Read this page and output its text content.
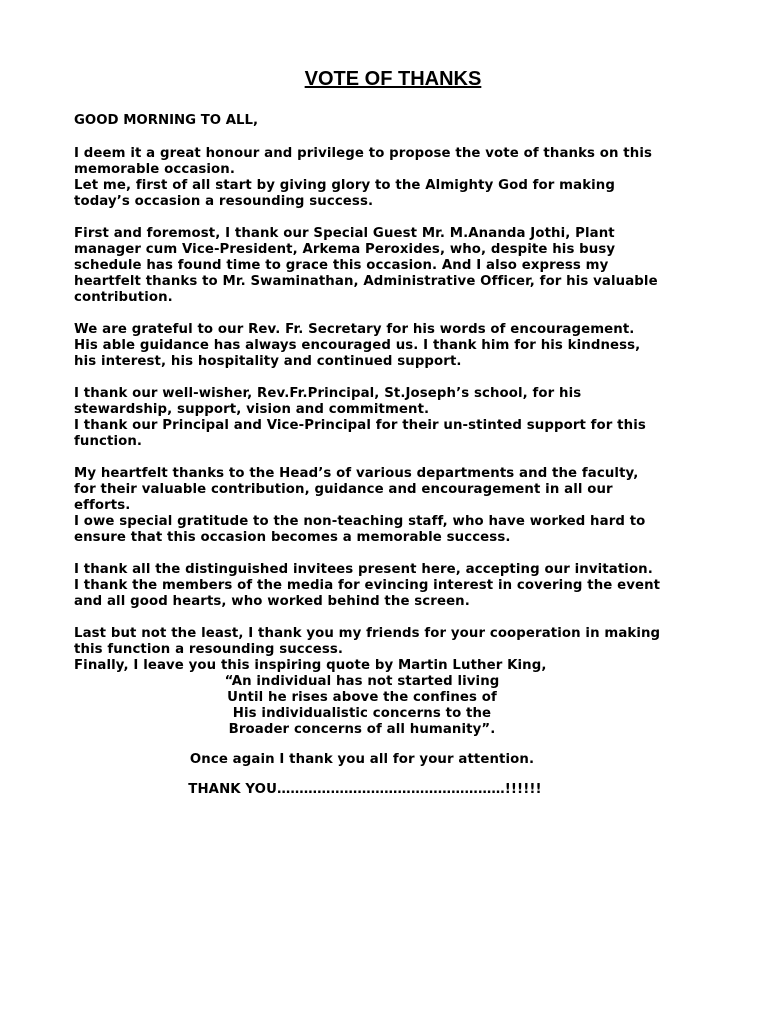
VOTE OF THANKS
GOOD MORNING TO ALL,
I deem it a great honour and privilege to propose the vote of thanks on this
memorable occasion.
Let me, first of all start by giving glory to the Almighty God for making
today’s occasion a resounding success.
First and foremost, I thank our Special Guest Mr. M.Ananda Jothi, Plant
manager cum Vice-President, Arkema Peroxides, who, despite his busy
schedule has found time to grace this occasion. And I also express my
heartfelt thanks to Mr. Swaminathan, Administrative Officer, for his valuable
contribution.
We are grateful to our Rev. Fr. Secretary for his words of encouragement.
His able guidance has always encouraged us. I thank him for his kindness,
his interest, his hospitality and continued support.
I thank our well-wisher, Rev.Fr.Principal, St.Joseph’s school, for his
stewardship, support, vision and commitment.
I thank our Principal and Vice-Principal for their un-stinted support for this
function.
My heartfelt thanks to the Head’s of various departments and the faculty,
for their valuable contribution, guidance and encouragement in all our
efforts.
I owe special gratitude to the non-teaching staff, who have worked hard to
ensure that this occasion becomes a memorable success.
I thank all the distinguished invitees present here, accepting our invitation.
I thank the members of the media for evincing interest in covering the event
and all good hearts, who worked behind the screen.
Last but not the least, I thank you my friends for your cooperation in making
this function a resounding success.
Finally, I leave you this inspiring quote by Martin Luther King,
“An individual has not started living
Until he rises above the confines of
His individualistic concerns to the
Broader concerns of all humanity”.
Once again I thank you all for your attention.
THANK YOU……………………………………………!!!!!!
